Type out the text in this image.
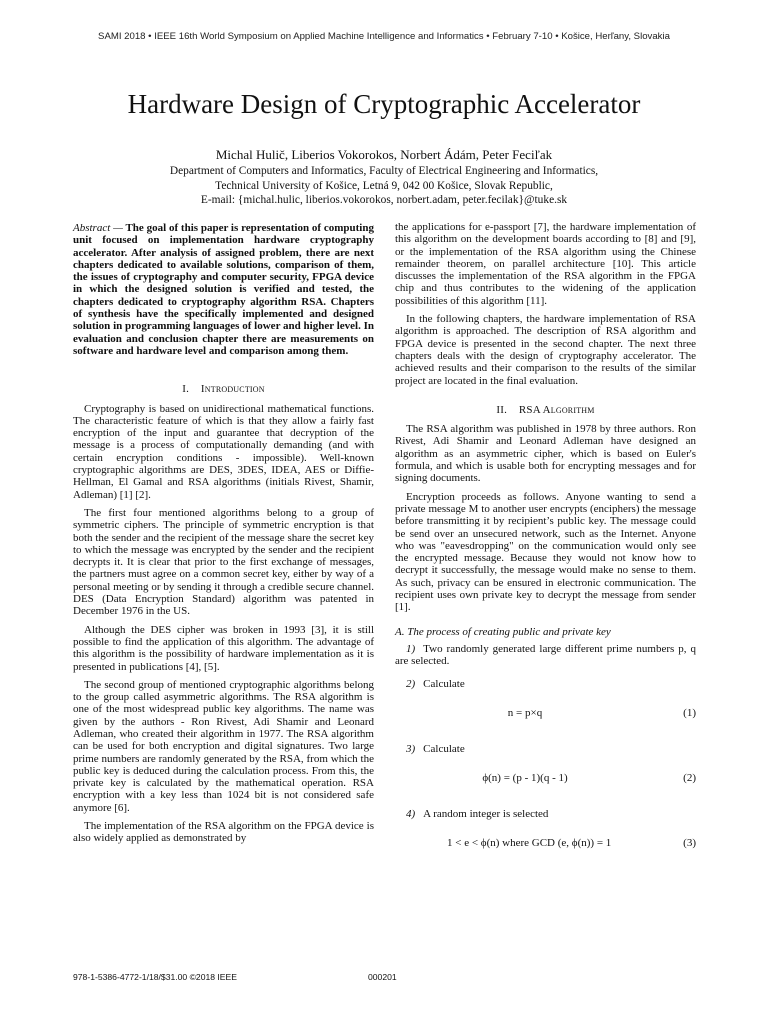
SAMI 2018 • IEEE 16th World Symposium on Applied Machine Intelligence and Informatics • February 7-10 • Košice, Herľany, Slovakia
Hardware Design of Cryptographic Accelerator
Michal Hulič, Liberios Vokorokos, Norbert Ádám, Peter Feciľak
Department of Computers and Informatics, Faculty of Electrical Engineering and Informatics,
Technical University of Košice, Letná 9, 042 00 Košice, Slovak Republic,
E-mail: {michal.hulic, liberios.vokorokos, norbert.adam, peter.fecilak}@tuke.sk

Abstract — The goal of this paper is representation of computing unit focused on implementation hardware cryptography accelerator. After analysis of assigned problem, there are next chapters dedicated to available solutions, comparison of them, the issues of cryptography and computer security, FPGA device in which the designed solution is verified and tested, the chapters dedicated to cryptography algorithm RSA. Chapters of synthesis have the specifically implemented and designed solution in programming languages of lower and higher level. In evaluation and conclusion chapter there are measurements on software and hardware level and comparison among them.

I. Introduction

Cryptography is based on unidirectional mathematical functions. The characteristic feature of which is that they allow a fairly fast encryption of the input and guarantee that decryption of the message is a process of computationally demanding (and with certain encryption conditions - impossible). Well-known cryptographic algorithms are DES, 3DES, IDEA, AES or Diffie-Hellman, El Gamal and RSA algorithms (initials Rivest, Shamir, Adleman) [1] [2].

The first four mentioned algorithms belong to a group of symmetric ciphers. The principle of symmetric encryption is that both the sender and the recipient of the message share the secret key to which the message was encrypted by the sender and the recipient decrypts it. It is clear that prior to the first exchange of messages, the partners must agree on a common secret key, either by way of a personal meeting or by sending it through a credible secure channel. DES (Data Encryption Standard) algorithm was patented in December 1976 in the US.

Although the DES cipher was broken in 1993 [3], it is still possible to find the application of this algorithm. The advantage of this algorithm is the possibility of hardware implementation as it is presented in publications [4], [5].

The second group of mentioned cryptographic algorithms belong to the group called asymmetric algorithms. The RSA algorithm is one of the most widespread public key algorithms. The name was given by the authors - Ron Rivest, Adi Shamir and Leonard Adleman, who created their algorithm in 1977. The RSA algorithm can be used for both encryption and digital signatures. Two large prime numbers are randomly generated by the RSA, from which the public key is deduced during the calculation process. From this, the private key is calculated by the mathematical operation. RSA encryption with a key less than 1024 bit is not considered safe anymore [6].

The implementation of the RSA algorithm on the FPGA device is also widely applied as demonstrated by

the applications for e-passport [7], the hardware implementation of this algorithm on the development boards according to [8] and [9], or the implementation of the RSA algorithm using the Chinese remainder theorem, on parallel architecture [10]. This article discusses the implementation of the RSA algorithm in the FPGA chip and thus contributes to the widening of the application possibilities of this algorithm [11].

In the following chapters, the hardware implementation of RSA algorithm is approached. The description of RSA algorithm and FPGA device is presented in the second chapter. The next three chapters deals with the design of cryptography accelerator. The achieved results and their comparison to the results of the similar project are located in the final evaluation.

II. RSA Algorithm

The RSA algorithm was published in 1978 by three authors. Ron Rivest, Adi Shamir and Leonard Adleman have designed an algorithm as an asymmetric cipher, which is based on Euler's formula, and which is usable both for encrypting messages and for signing documents.

Encryption proceeds as follows. Anyone wanting to send a private message M to another user encrypts (enciphers) the message before transmitting it by recipient’s public key. The message could be send over an unsecured network, such as the Internet. Anyone who was "eavesdropping" on the communication would only see the encrypted message. Because they would not know how to decrypt it successfully, the message would make no sense to them. As such, privacy can be ensured in electronic communication. The recipient uses own private key to decrypt the message from sender [1].

A. The process of creating public and private key
1) Two randomly generated large different prime numbers p, q are selected.
2) Calculate
n = p×q	(1)
3) Calculate
ϕ(n) = (p - 1)(q - 1)	(2)
4) A random integer is selected
1 < e < ϕ(n) where GCD (e, ϕ(n)) = 1	(3)
978-1-5386-4772-1/18/$31.00 ©2018 IEEE	000201
